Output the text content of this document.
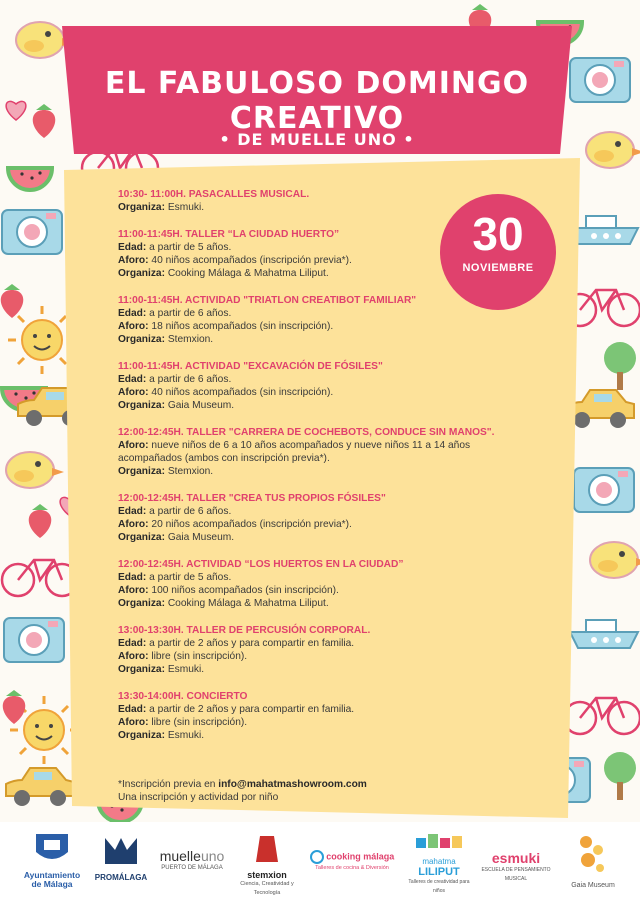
EL FABULOSO DOMINGO CREATIVO
• DE MUELLE UNO •
10:30- 11:00H. PASACALLES MUSICAL.
Organiza: Esmuki.
11:00-11:45H. TALLER “LA CIUDAD HUERTO”
Edad: a partir de 5 años.
Aforo: 40 niños acompañados (inscripción previa*).
Organiza: Cooking Málaga & Mahatma Liliput.
11:00-11:45H. ACTIVIDAD "TRIATLON CREATIBOT FAMILIAR"
Edad: a partir de 6 años.
Aforo: 18 niños acompañados (sin inscripción).
Organiza: Stemxion.
11:00-11:45H. ACTIVIDAD "EXCAVACIÓN DE FÓSILES"
Edad: a partir de 6 años.
Aforo: 40 niños acompañados (sin inscripción).
Organiza: Gaia Museum.
12:00-12:45H. TALLER "CARRERA DE COCHEBOTS, CONDUCE SIN MANOS".
Aforo: nueve niños de 6 a 10 años acompañados y nueve niños 11 a 14 años acompañados (ambos con inscripción previa*).
Organiza: Stemxion.
12:00-12:45H. TALLER "CREA TUS PROPIOS FÓSILES"
Edad: a partir de 6 años.
Aforo: 20 niños acompañados (inscripción previa*).
Organiza: Gaia Museum.
12:00-12:45H. ACTIVIDAD “LOS HUERTOS EN LA CIUDAD”
Edad: a partir de 5 años.
Aforo: 100 niños acompañados (sin inscripción).
Organiza: Cooking Málaga & Mahatma Liliput.
13:00-13:30H. TALLER DE PERCUSIÓN CORPORAL.
Edad: a partir de 2 años y para compartir en familia.
Aforo: libre (sin inscripción).
Organiza: Esmuki.
13:30-14:00H. CONCIERTO
Edad: a partir de 2 años y para compartir en familia.
Aforo: libre (sin inscripción).
Organiza: Esmuki.
*Inscripción previa en info@mahatmashowroom.com
Una inscripción y actividad por niño
30
NOVIEMBRE
Ayuntamiento
de Málaga
PROMÁLAGA
muelleuno
PUERTO DE MÁLAGA
stemxion
Ciencia, Creatividad y Tecnología
cooking málaga
Talleres de cocina & Diversión
mahatma
LILIPUT
Talleres de creatividad para niños
esmuki
ESCUELA DE PENSAMIENTO MUSICAL
Gaia Museum
